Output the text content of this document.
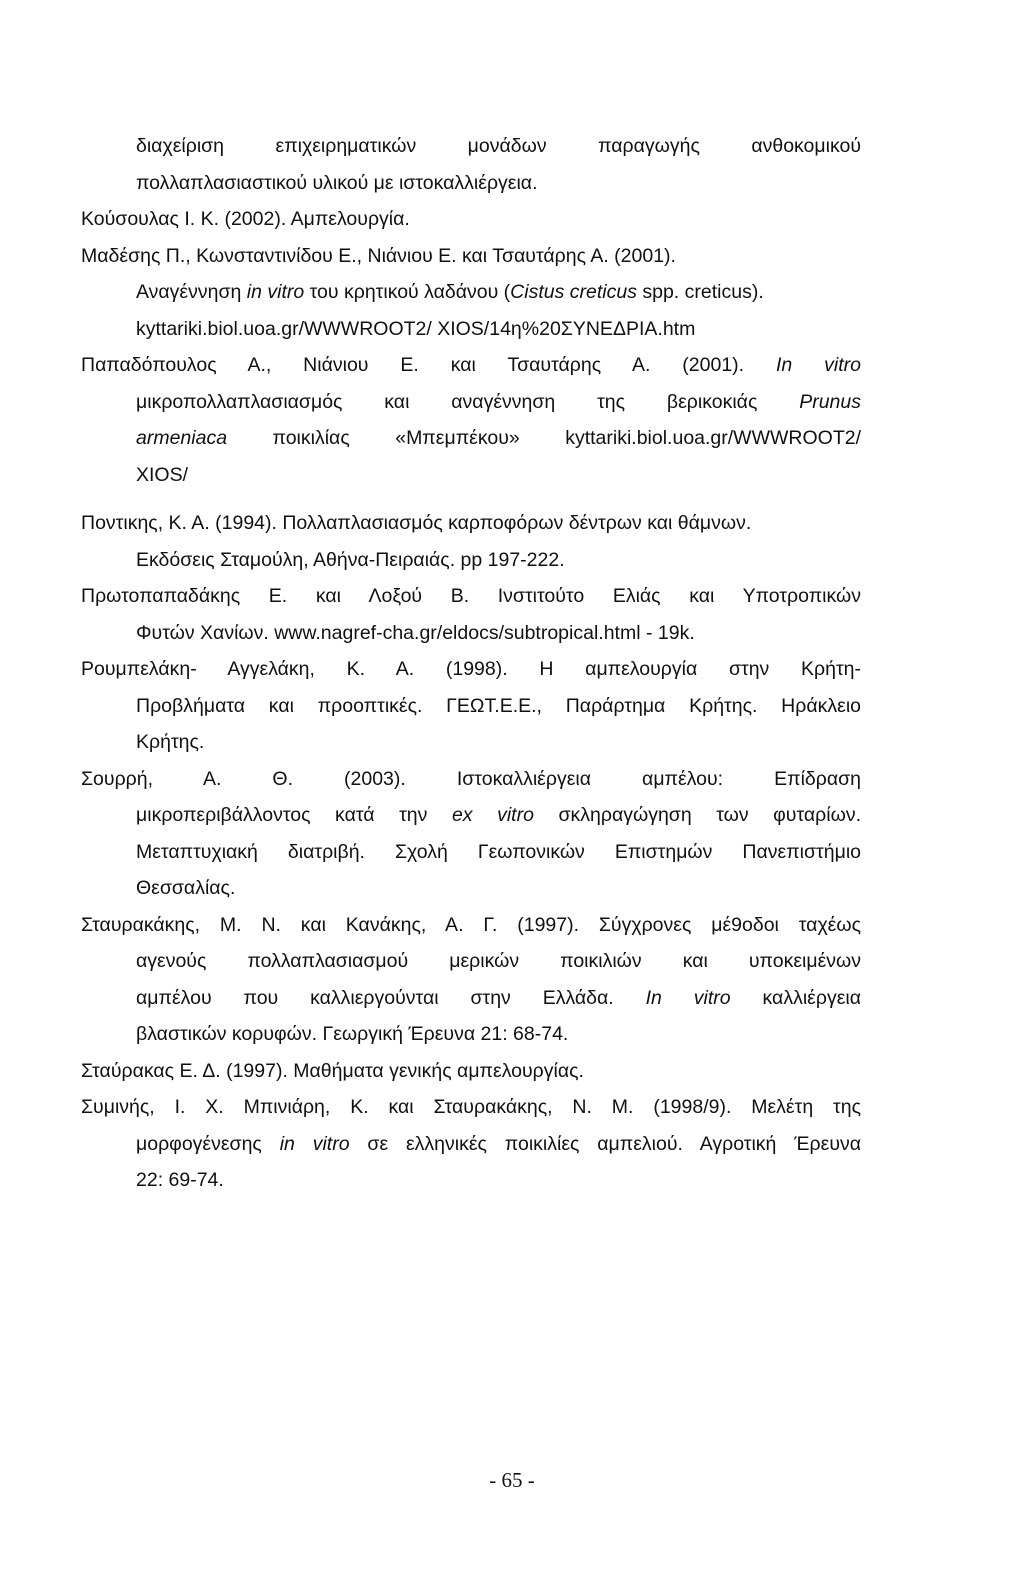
διαχείριση επιχειρηματικών μονάδων παραγωγής ανθοκομικού
πολλαπλασιαστικού υλικού με ιστοκαλλιέργεια.
Κούσουλας Ι. Κ. (2002). Αμπελουργία.
Μαδέσης Π., Κωνσταντινίδου Ε., Νιάνιου Ε. και Τσαυτάρης Α. (2001).
Αναγέννηση in vitro του κρητικού λαδάνου (Cistus creticus spp. creticus).
kyttariki.biol.uoa.gr/WWWROOT2/ XIOS/14η%20ΣΥΝΕΔΡΙΑ.htm
Παπαδόπουλος Α., Νιάνιου Ε. και Τσαυτάρης Α. (2001). In vitro
μικροπολλαπλασιασμός και αναγέννηση της βερικοκιάς Prunus
armeniaca ποικιλίας «Μπεμπέκου» kyttariki.biol.uoa.gr/WWWROOT2/
XIOS/
Ποντικης, Κ. Α. (1994). Πολλαπλασιασμός καρποφόρων δέντρων και θάμνων.
Εκδόσεις Σταμούλη, Αθήνα-Πειραιάς. pp 197-222.
Πρωτοπαπαδάκης Ε. και Λοξού Β. Ινστιτούτο Ελιάς και Υποτροπικών
Φυτών Χανίων. www.nagref-cha.gr/eldocs/subtropical.html - 19k.
Ρουμπελάκη- Αγγελάκη, Κ. Α. (1998). Η αμπελουργία στην Κρήτη-
Προβλήματα και προοπτικές. ΓΕΩΤ.Ε.Ε., Παράρτημα Κρήτης. Ηράκλειο
Κρήτης.
Σουρρή, Α. Θ. (2003). Ιστοκαλλιέργεια αμπέλου: Επίδραση
μικροπεριβάλλοντος κατά την ex vitro σκληραγώγηση των φυταρίων.
Μεταπτυχιακή διατριβή. Σχολή Γεωπονικών Επιστημών Πανεπιστήμιο
Θεσσαλίας.
Σταυρακάκης, Μ. Ν. και Κανάκης, Α. Γ. (1997). Σύγχρονες μέ9οδοι ταχέως
αγενούς πολλαπλασιασμού μερικών ποικιλιών και υποκειμένων
αμπέλου που καλλιεργούνται στην Ελλάδα. In vitro καλλιέργεια
βλαστικών κορυφών. Γεωργική Έρευνα 21: 68-74.
Σταύρακας Ε. Δ. (1997). Μαθήματα γενικής αμπελουργίας.
Συμινής, Ι. Χ. Μπινιάρη, Κ. και Σταυρακάκης, Ν. Μ. (1998/9). Μελέτη της
μορφογένεσης in vitro σε ελληνικές ποικιλίες αμπελιού. Αγροτική Έρευνα
22: 69-74.
- 65 -
